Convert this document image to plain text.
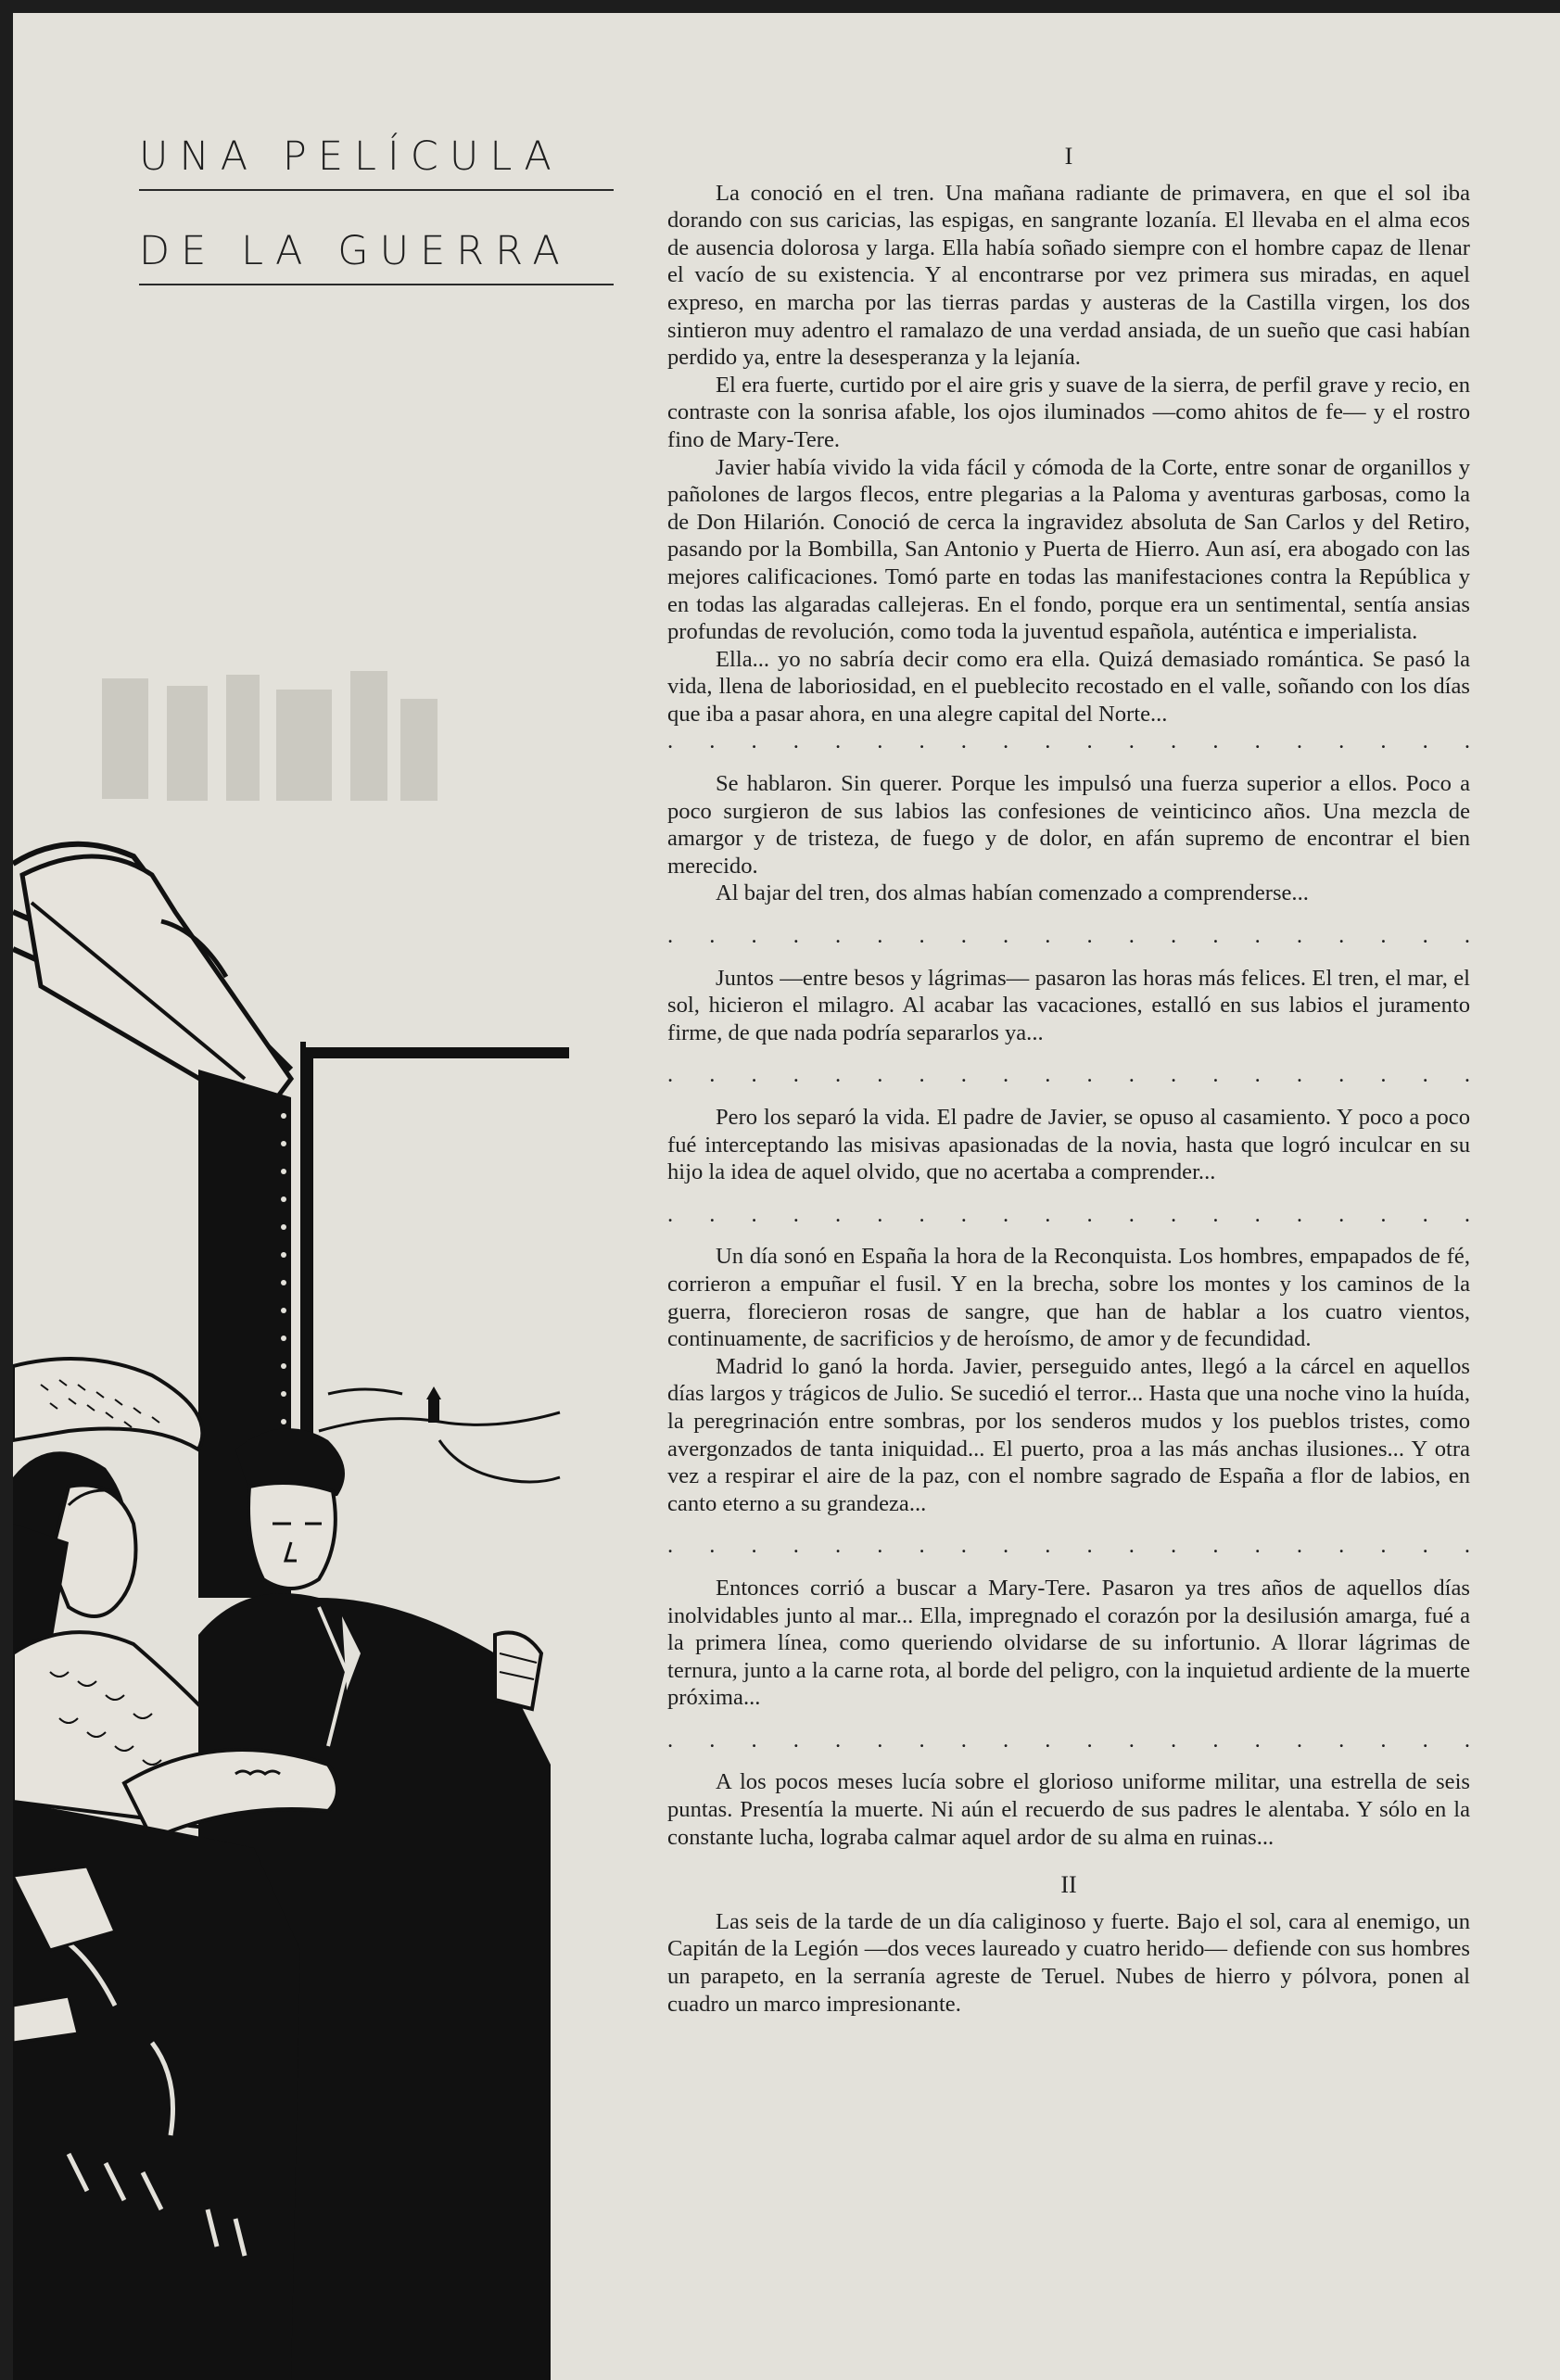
UNA PELÍCULA
DE LA GUERRA

I

La conoció en el tren. Una mañana radiante de primavera, en que el sol iba dorando con sus caricias, las espigas, en sangrante lozanía. El llevaba en el alma ecos de ausencia dolorosa y larga. Ella había soñado siempre con el hombre capaz de llenar el vacío de su existencia. Y al encontrarse por vez primera sus miradas, en aquel expreso, en marcha por las tierras pardas y austeras de la Castilla virgen, los dos sintieron muy adentro el ramalazo de una verdad ansiada, de un sueño que casi habían perdido ya, entre la desesperanza y la lejanía.

El era fuerte, curtido por el aire gris y suave de la sierra, de perfil grave y recio, en contraste con la sonrisa afable, los ojos iluminados —como ahitos de fe— y el rostro fino de Mary-Tere.

Javier había vivido la vida fácil y cómoda de la Corte, entre sonar de organillos y pañolones de largos flecos, entre plegarias a la Paloma y aventuras garbosas, como la de Don Hilarión. Conoció de cerca la ingravidez absoluta de San Carlos y del Retiro, pasando por la Bombilla, San Antonio y Puerta de Hierro. Aun así, era abogado con las mejores calificaciones. Tomó parte en todas las manifestaciones contra la República y en todas las algaradas callejeras. En el fondo, porque era un sentimental, sentía ansias profundas de revolución, como toda la juventud española, auténtica e imperialista.

Ella... yo no sabría decir como era ella. Quizá demasiado romántica. Se pasó la vida, llena de laboriosidad, en el pueblecito recostado en el valle, soñando con los días que iba a pasar ahora, en una alegre capital del Norte...

. . . . . . . . . . . . . . . . . . . .

Se hablaron. Sin querer. Porque les impulsó una fuerza superior a ellos. Poco a poco surgieron de sus labios las confesiones de veinticinco años. Una mezcla de amargor y de tristeza, de fuego y de dolor, en afán supremo de encontrar el bien merecido.

Al bajar del tren, dos almas habían comenzado a comprenderse...

. . . . . . . . . . . . . . . . . . . .

Juntos —entre besos y lágrimas— pasaron las horas más felices. El tren, el mar, el sol, hicieron el milagro. Al acabar las vacaciones, estalló en sus labios el juramento firme, de que nada podría separarlos ya...

. . . . . . . . . . . . . . . . . . . .

Pero los separó la vida. El padre de Javier, se opuso al casamiento. Y poco a poco fué interceptando las misivas apasionadas de la novia, hasta que logró inculcar en su hijo la idea de aquel olvido, que no acertaba a comprender...

. . . . . . . . . . . . . . . . . . . .

Un día sonó en España la hora de la Reconquista. Los hombres, empapados de fé, corrieron a empuñar el fusil. Y en la brecha, sobre los montes y los caminos de la guerra, florecieron rosas de sangre, que han de hablar a los cuatro vientos, continuamente, de sacrificios y de heroísmo, de amor y de fecundidad.

Madrid lo ganó la horda. Javier, perseguido antes, llegó a la cárcel en aquellos días largos y trágicos de Julio. Se sucedió el terror... Hasta que una noche vino la huída, la peregrinación entre sombras, por los senderos mudos y los pueblos tristes, como avergonzados de tanta iniquidad... El puerto, proa a las más anchas ilusiones... Y otra vez a respirar el aire de la paz, con el nombre sagrado de España a flor de labios, en canto eterno a su grandeza...

. . . . . . . . . . . . . . . . . . . .

Entonces corrió a buscar a Mary-Tere. Pasaron ya tres años de aquellos días inolvidables junto al mar... Ella, impregnado el corazón por la desilusión amarga, fué a la primera línea, como queriendo olvidarse de su infortunio. A llorar lágrimas de ternura, junto a la carne rota, al borde del peligro, con la inquietud ardiente de la muerte próxima...

. . . . . . . . . . . . . . . . . . . .

A los pocos meses lucía sobre el glorioso uniforme militar, una estrella de seis puntas. Presentía la muerte. Ni aún el recuerdo de sus padres le alentaba. Y sólo en la constante lucha, lograba calmar aquel ardor de su alma en ruinas...

II

Las seis de la tarde de un día caliginoso y fuerte. Bajo el sol, cara al enemigo, un Capitán de la Legión —dos veces laureado y cuatro herido— defiende con sus hombres un parapeto, en la serranía agreste de Teruel. Nubes de hierro y pólvora, ponen al cuadro un marco impresionante.
